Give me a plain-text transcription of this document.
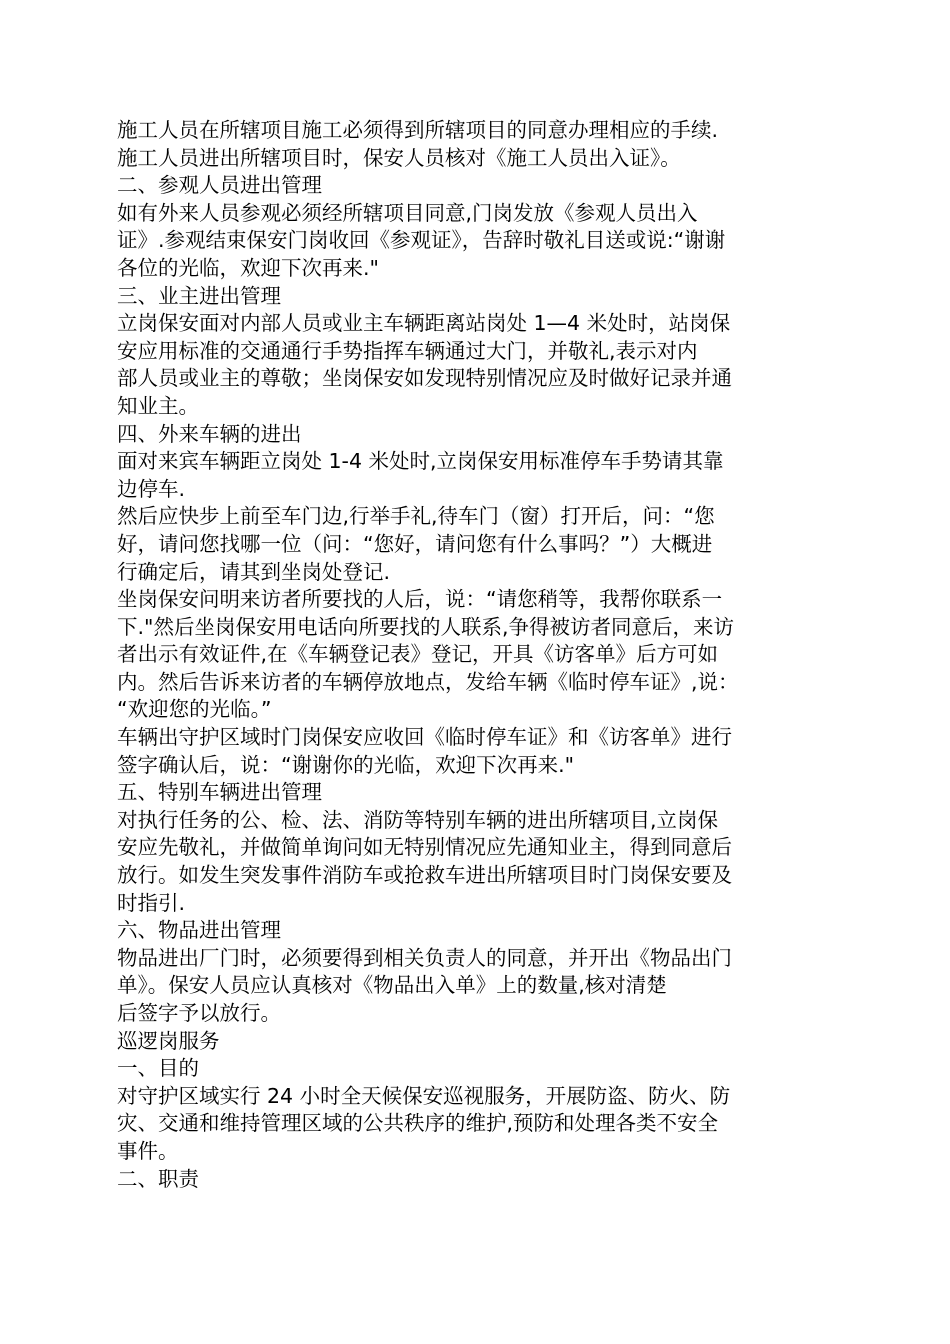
施工人员在所辖项目施工必须得到所辖项目的同意办理相应的手续.
施工人员进出所辖项目时，保安人员核对《施工人员出入证》。
二、参观人员进出管理
如有外来人员参观必须经所辖项目同意,门岗发放《参观人员出入
证》.参观结束保安门岗收回《参观证》，告辞时敬礼目送或说:“谢谢
各位的光临，欢迎下次再来."
三、业主进出管理
立岗保安面对内部人员或业主车辆距离站岗处 1—4 米处时，站岗保
安应用标准的交通通行手势指挥车辆通过大门，并敬礼,表示对内
部人员或业主的尊敬；坐岗保安如发现特别情况应及时做好记录并通
知业主。
四、外来车辆的进出
面对来宾车辆距立岗处 1-4 米处时,立岗保安用标准停车手势请其靠
边停车.
然后应快步上前至车门边,行举手礼,待车门（窗）打开后，问：“您
好，请问您找哪一位（问：“您好，请问您有什么事吗？”）大概进
行确定后，请其到坐岗处登记.
坐岗保安问明来访者所要找的人后，说：“请您稍等，我帮你联系一
下."然后坐岗保安用电话向所要找的人联系,争得被访者同意后，来访
者出示有效证件,在《车辆登记表》登记，开具《访客单》后方可如
内。然后告诉来访者的车辆停放地点，发给车辆《临时停车证》,说：
“欢迎您的光临。”
车辆出守护区域时门岗保安应收回《临时停车证》和《访客单》进行
签字确认后，说：“谢谢你的光临，欢迎下次再来."
五、特别车辆进出管理
对执行任务的公、检、法、消防等特别车辆的进出所辖项目,立岗保
安应先敬礼，并做简单询问如无特别情况应先通知业主，得到同意后
放行。如发生突发事件消防车或抢救车进出所辖项目时门岗保安要及
时指引.
六、物品进出管理
物品进出厂门时，必须要得到相关负责人的同意，并开出《物品出门
单》。保安人员应认真核对《物品出入单》上的数量,核对清楚
后签字予以放行。
巡逻岗服务
一、目的
对守护区域实行 24 小时全天候保安巡视服务，开展防盗、防火、防
灾、交通和维持管理区域的公共秩序的维护,预防和处理各类不安全
事件。
二、职责
